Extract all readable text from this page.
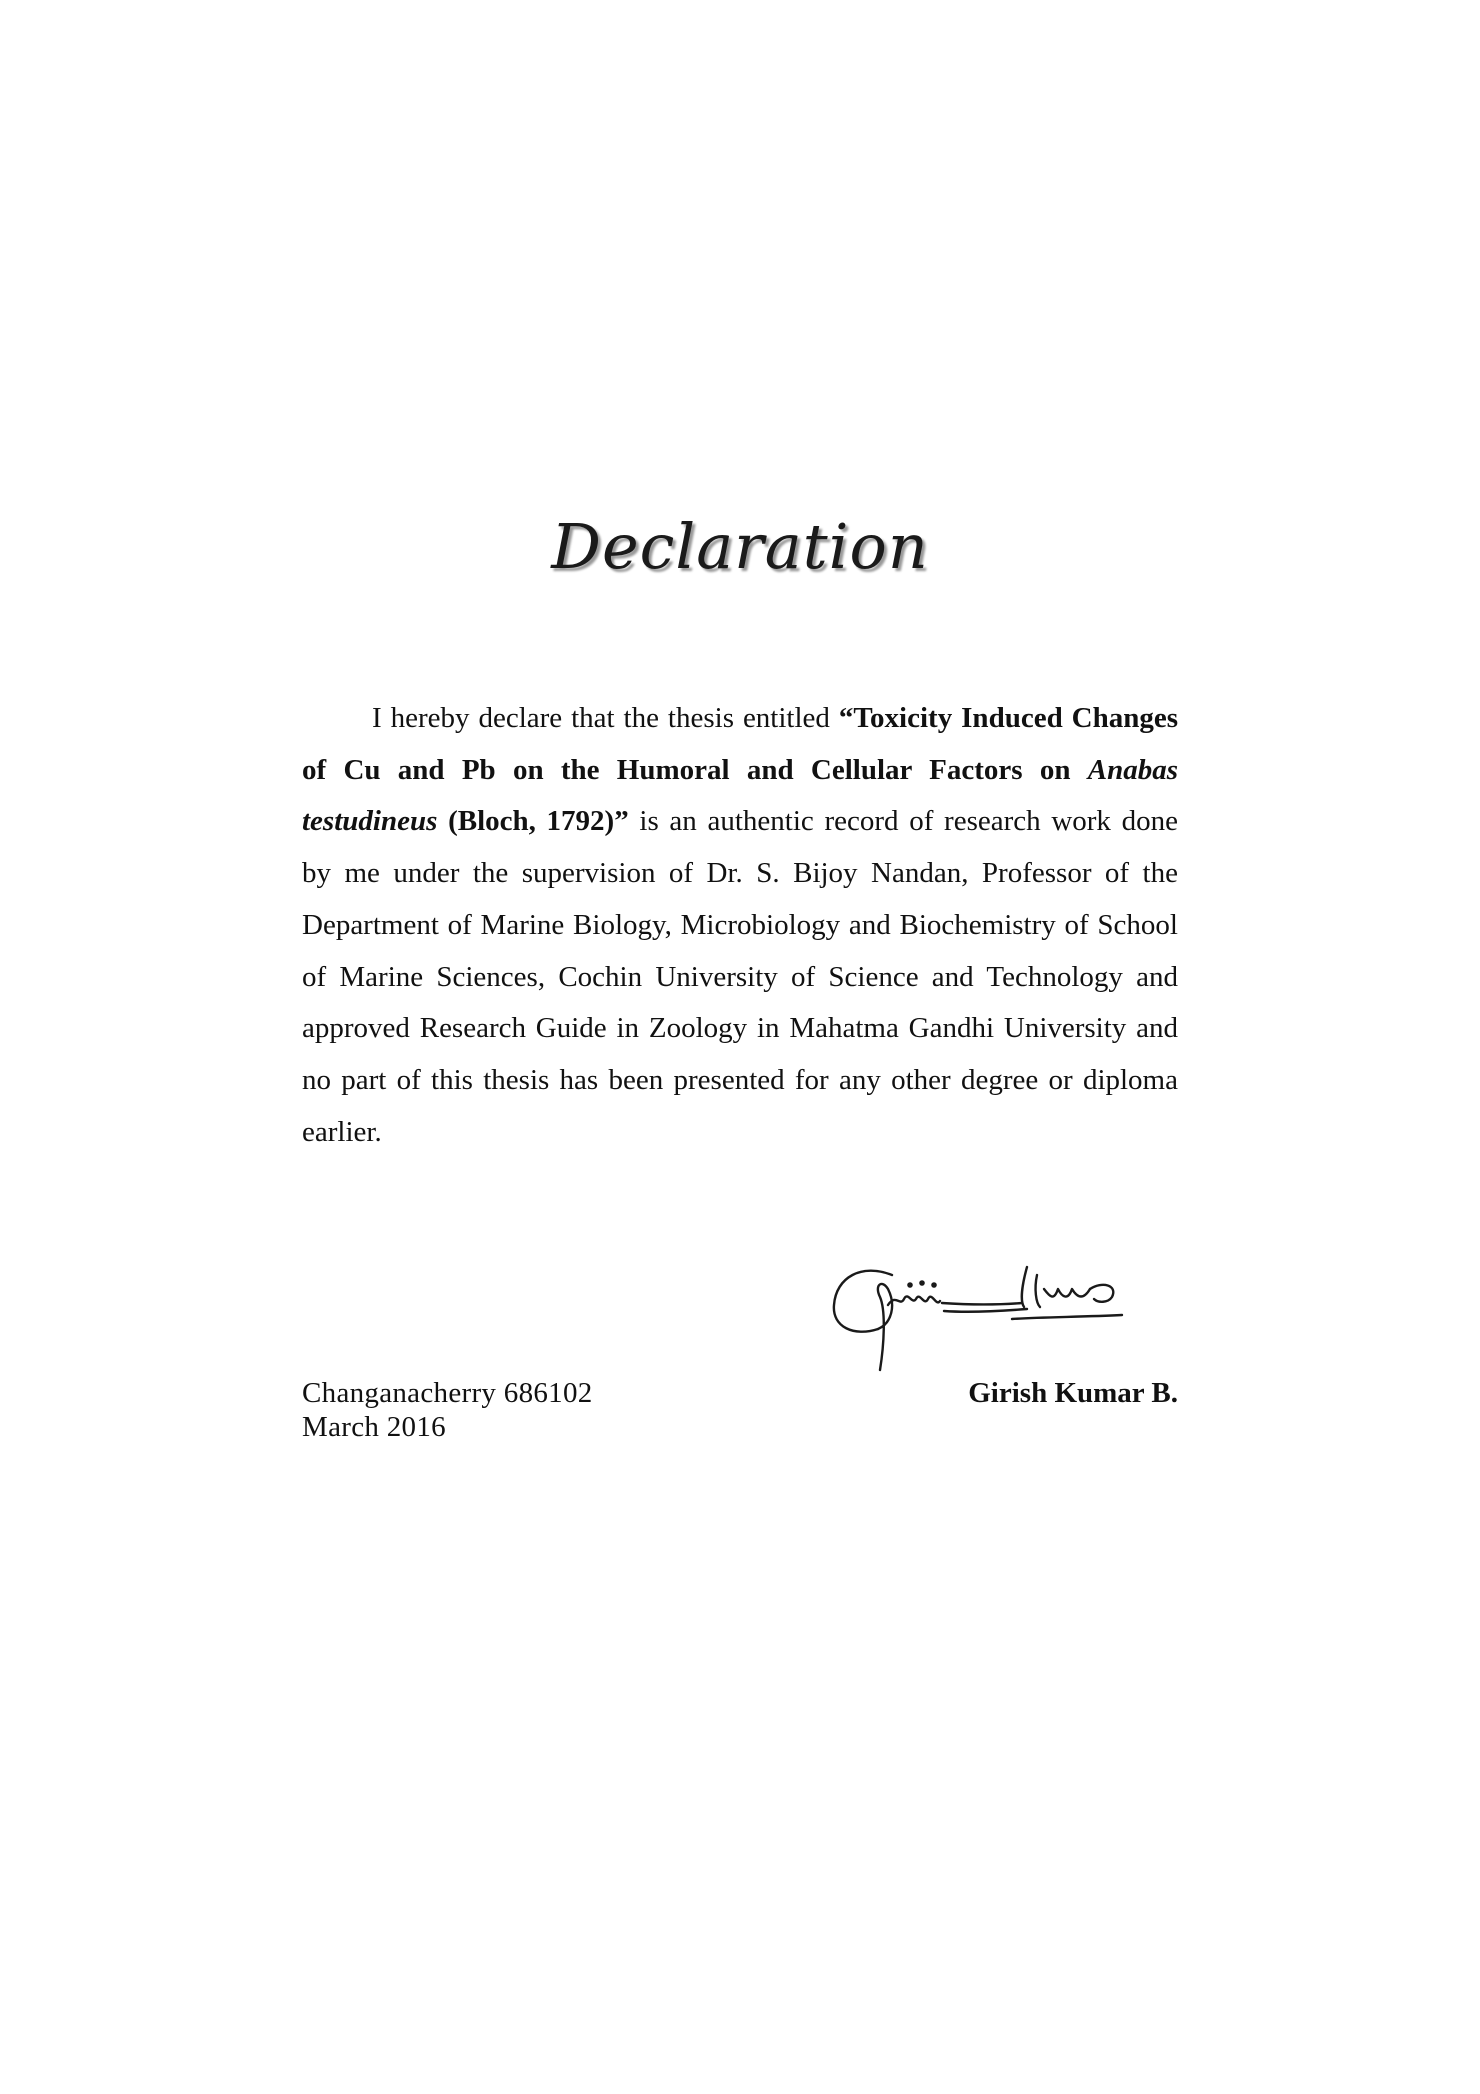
Declaration

I hereby declare that the thesis entitled “Toxicity Induced Changes of Cu and Pb on the Humoral and Cellular Factors on Anabas testudineus (Bloch, 1792)” is an authentic record of research work done by me under the supervision of Dr. S. Bijoy Nandan, Professor of the Department of Marine Biology, Microbiology and Biochemistry of School of Marine Sciences, Cochin University of Science and Technology and approved Research Guide in Zoology in Mahatma Gandhi University and no part of this thesis has been presented for any other degree or diploma earlier.

Changanacherry 686102
March 2016
Girish Kumar B.
